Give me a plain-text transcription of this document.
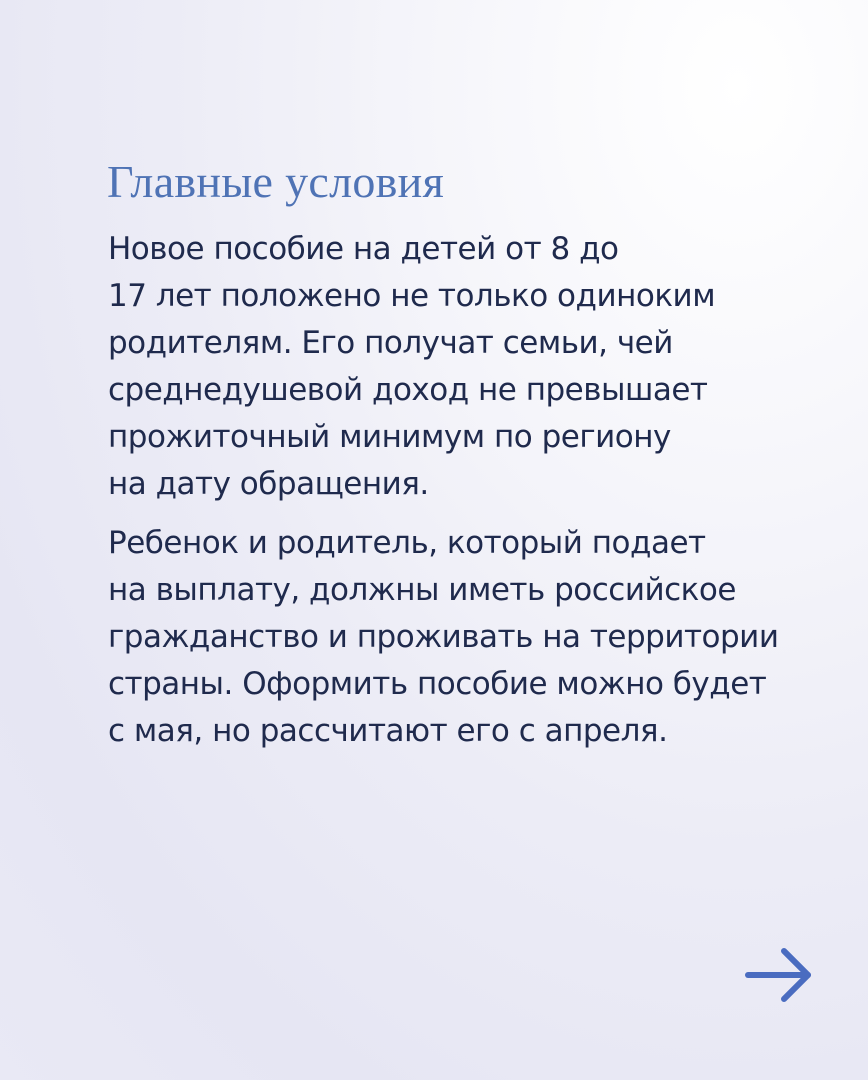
Главные условия

Новое пособие на детей от 8 до
17 лет положено не только одиноким
родителям. Его получат семьи, чей
среднедушевой доход не превышает
прожиточный минимум по региону
на дату обращения.

Ребенок и родитель, который подает
на выплату, должны иметь российское
гражданство и проживать на территории
страны. Оформить пособие можно будет
с мая, но рассчитают его с апреля.
